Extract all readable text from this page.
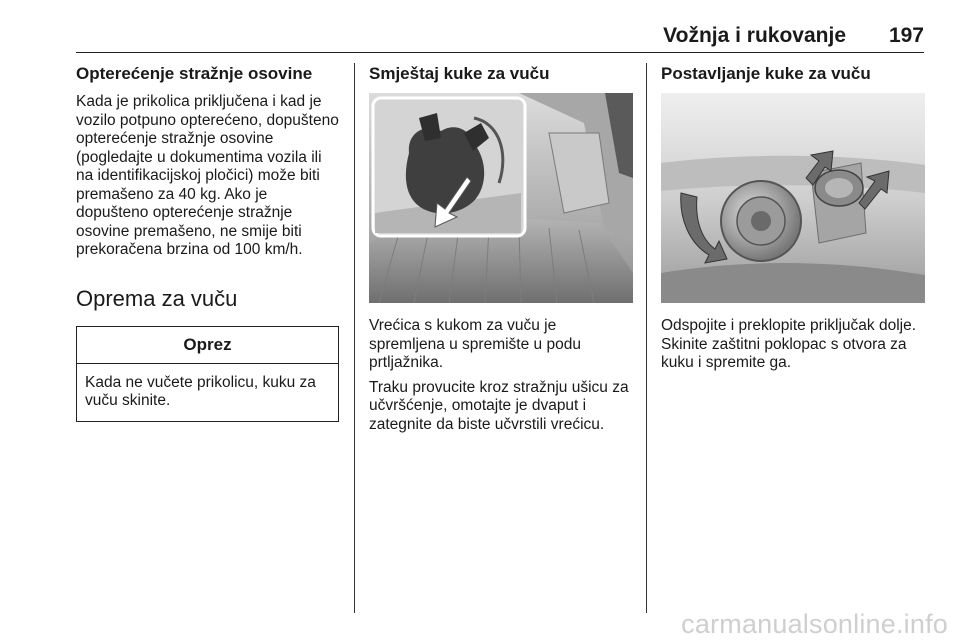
Vožnja i rukovanje 197
Opterećenje stražnje osovine

Kada je prikolica priključena i kad je vozilo potpuno opterećeno, dopušteno opterećenje stražnje osovine (pogledajte u dokumentima vozila ili na identifikacijskoj pločici) može biti premašeno za 40 kg. Ako je dopušteno opterećenje stražnje osovine premašeno, ne smije biti prekoračena brzina od 100 km/h.

Oprema za vuču
Oprez
Kada ne vučete prikolicu, kuku za vuču skinite.
Smještaj kuke za vuču

Vrećica s kukom za vuču je spremljena u spremište u podu prtljažnika.

Traku provucite kroz stražnju ušicu za učvršćenje, omotajte je dvaput i zategnite da biste učvrstili vrećicu.

Postavljanje kuke za vuču

Odspojite i preklopite priključak dolje. Skinite zaštitni poklopac s otvora za kuku i spremite ga.

carmanualsonline.info
